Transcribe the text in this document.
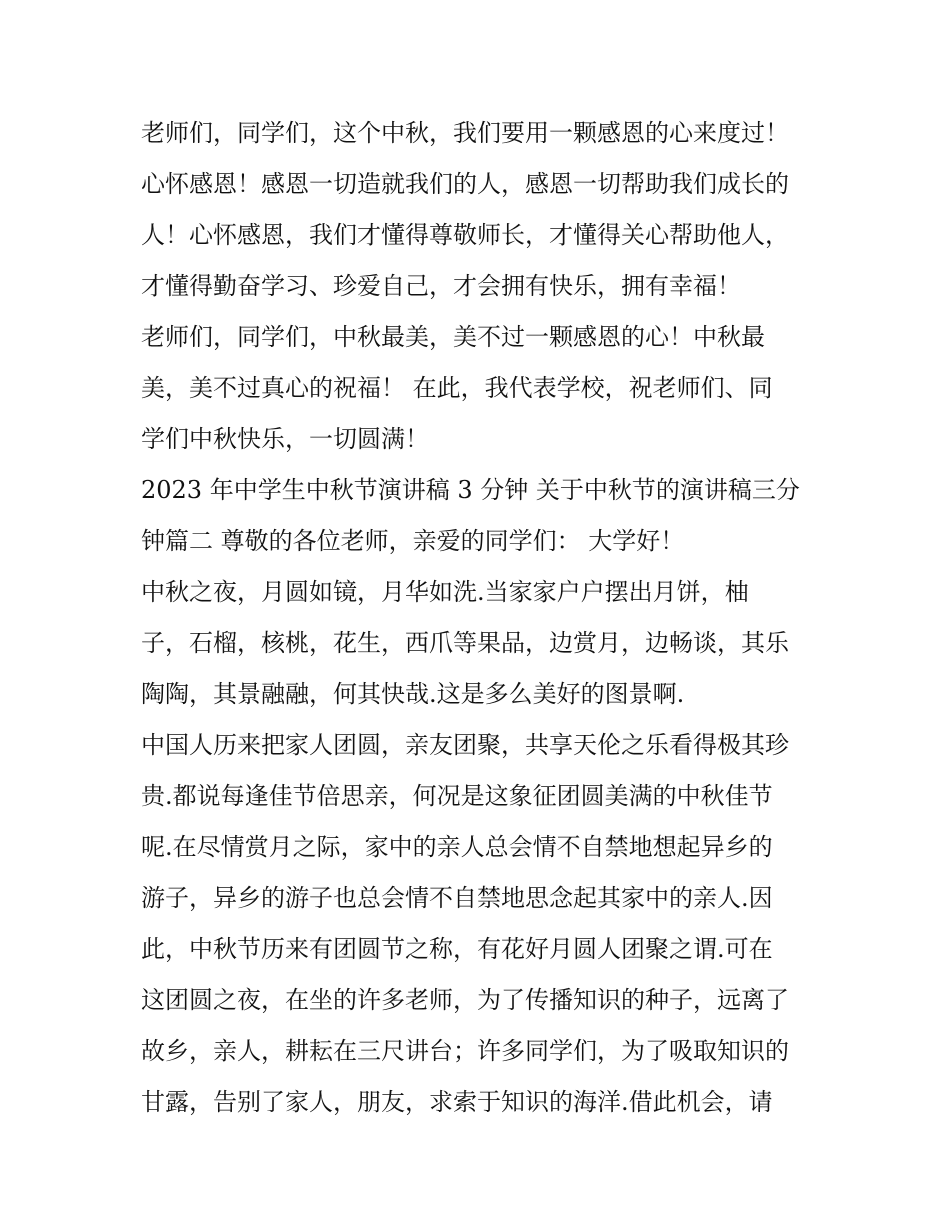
老师们，同学们，这个中秋，我们要用一颗感恩的心来度过！
心怀感恩！感恩一切造就我们的人，感恩一切帮助我们成长的
人！心怀感恩，我们才懂得尊敬师长，才懂得关心帮助他人，
才懂得勤奋学习、珍爱自己，才会拥有快乐，拥有幸福！
老师们，同学们，中秋最美，美不过一颗感恩的心！中秋最
美，美不过真心的祝福！ 在此，我代表学校，祝老师们、同
学们中秋快乐，一切圆满！
2023 年中学生中秋节演讲稿 3 分钟 关于中秋节的演讲稿三分
钟篇二 尊敬的各位老师，亲爱的同学们： 大学好！
中秋之夜，月圆如镜，月华如洗.当家家户户摆出月饼，柚
子，石榴，核桃，花生，西爪等果品，边赏月，边畅谈，其乐
陶陶，其景融融，何其快哉.这是多么美好的图景啊.
中国人历来把家人团圆，亲友团聚，共享天伦之乐看得极其珍
贵.都说每逢佳节倍思亲，何况是这象征团圆美满的中秋佳节
呢.在尽情赏月之际，家中的亲人总会情不自禁地想起异乡的
游子，异乡的游子也总会情不自禁地思念起其家中的亲人.因
此，中秋节历来有团圆节之称，有花好月圆人团聚之谓.可在
这团圆之夜，在坐的许多老师，为了传播知识的种子，远离了
故乡，亲人，耕耘在三尺讲台；许多同学们，为了吸取知识的
甘露，告别了家人，朋友，求索于知识的海洋.借此机会，请
